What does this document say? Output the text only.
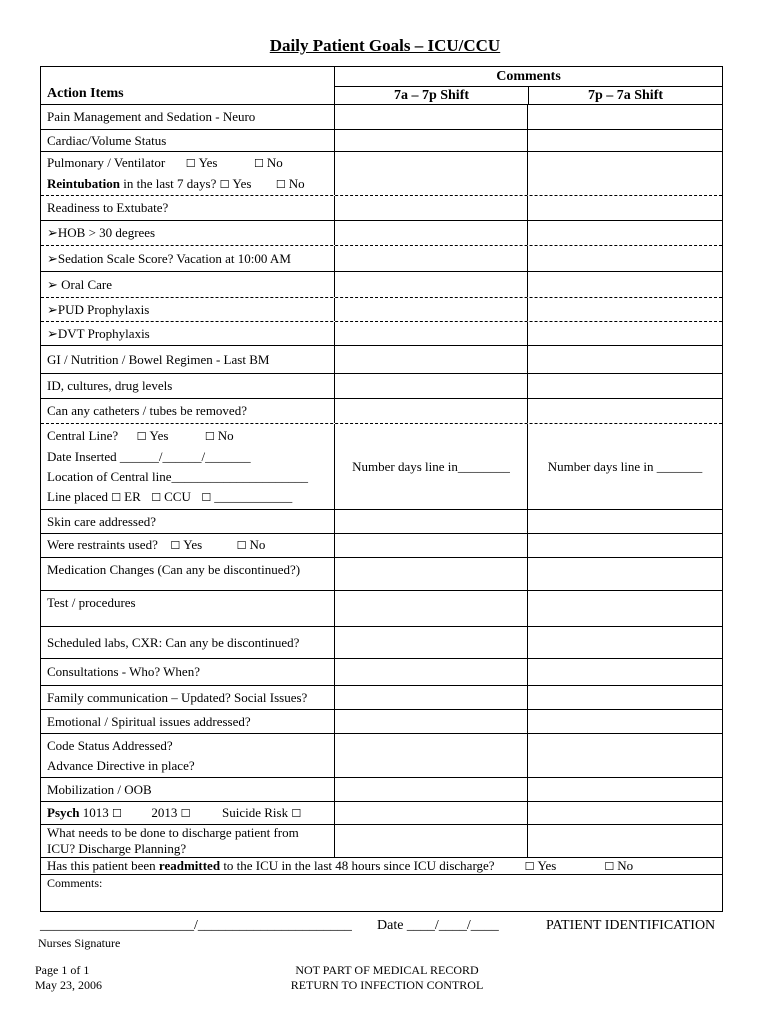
Daily Patient Goals – ICU/CCU
Action Items
Comments
7a – 7p Shift	7p – 7a Shift
Pain Management and Sedation - Neuro
Cardiac/Volume Status
Pulmonary / Ventilator	☐ Yes	☐ No
Reintubation in the last 7 days? ☐ Yes	☐ No
Readiness to Extubate?
➢HOB > 30 degrees
➢Sedation Scale Score? Vacation at 10:00 AM
➢ Oral Care
➢PUD Prophylaxis
➢DVT Prophylaxis
GI / Nutrition / Bowel Regimen - Last BM
ID, cultures, drug levels
Can any catheters / tubes be removed?
Central Line? ☐ Yes	☐ No
Date Inserted ______/______/_______
Location of Central line_____________________
Line placed ☐ ER ☐ CCU ☐ ____________
Number days line in________	Number days line in _______
Skin care addressed?
Were restraints used? ☐ Yes	☐ No
Medication Changes (Can any be discontinued?)
Test / procedures
Scheduled labs, CXR: Can any be discontinued?
Consultations - Who? When?
Family communication – Updated? Social Issues?
Emotional / Spiritual issues addressed?
Code Status Addressed?
Advance Directive in place?
Mobilization / OOB
Psych 1013 ☐	2013 ☐	Suicide Risk ☐
What needs to be done to discharge patient from
ICU? Discharge Planning?
Has this patient been readmitted to the ICU in the last 48 hours since ICU discharge?	☐ Yes	☐ No
Comments:
______________________/______________________
Nurses Signature
Date ____/____/____	PATIENT IDENTIFICATION
Page 1 of 1
May 23, 2006
NOT PART OF MEDICAL RECORD
RETURN TO INFECTION CONTROL
